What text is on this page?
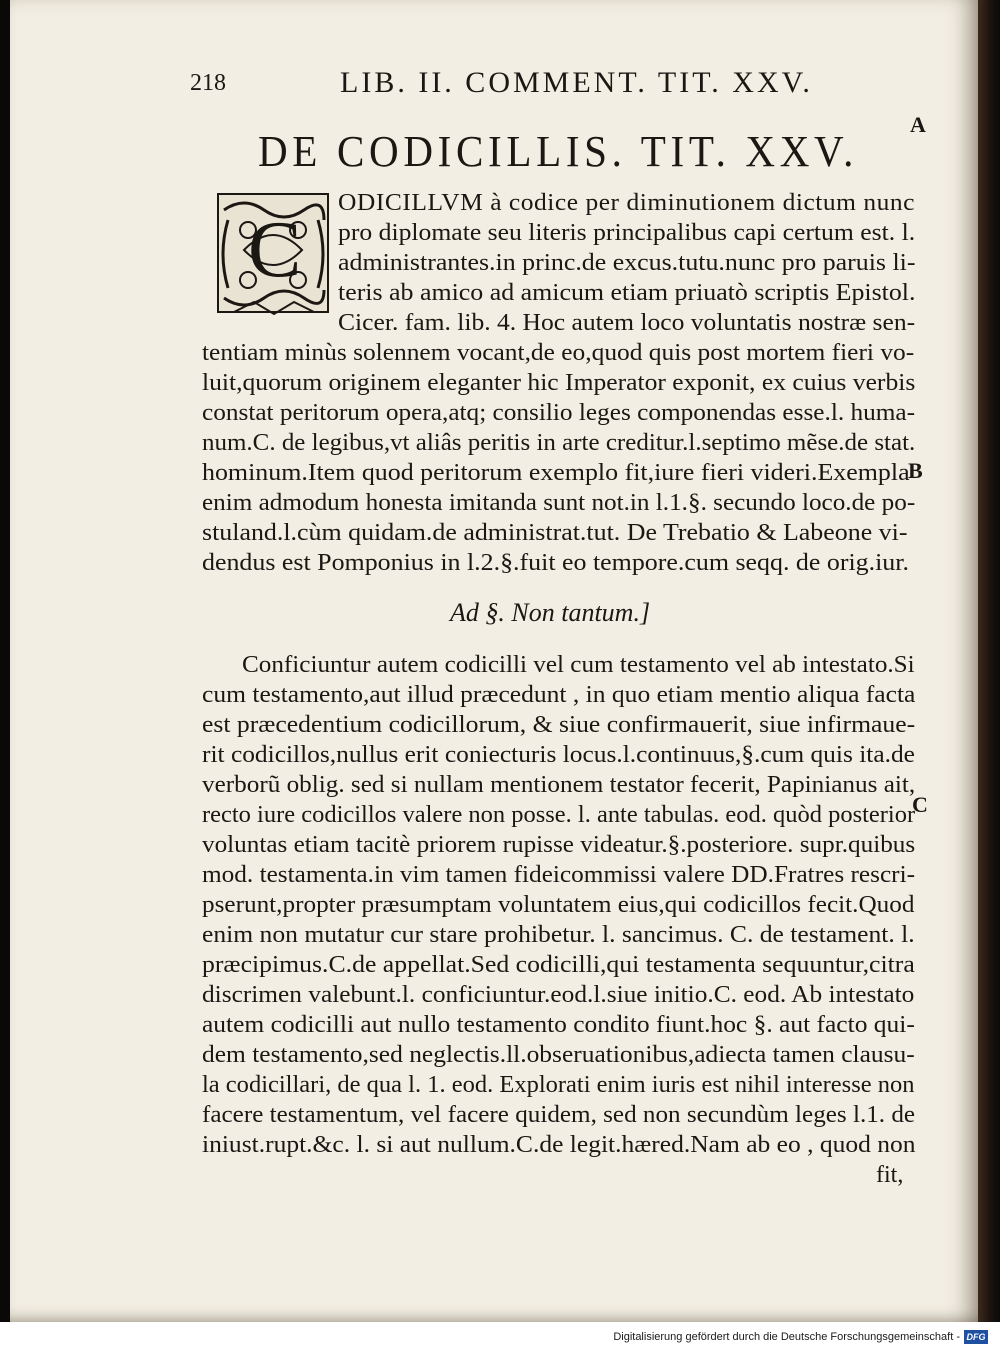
218	LIB. II. COMMENT. TIT. XXV.
DE CODICILLIS. TIT. XXV.
A
B
C
C
ODICILLVM à codice per diminutionem dictum nunc
pro diplomate seu literis principalibus capi certum est. l.
administrantes.in princ.de excus.tutu.nunc pro paruis li-
teris ab amico ad amicum etiam priuatò scriptis Epistol.
Cicer. fam. lib. 4. Hoc autem loco voluntatis nostræ sen-
tentiam minùs solennem vocant,de eo,quod quis post mortem fieri vo-
luit,quorum originem eleganter hic Imperator exponit, ex cuius verbis
constat peritorum opera,atq; consilio leges componendas esse.l. huma-
num.C. de legibus,vt aliâs peritis in arte creditur.l.septimo mẽse.de stat.
hominum.Item quod peritorum exemplo fit,iure fieri videri.Exempla
enim admodum honesta imitanda sunt not.in l.1.§. secundo loco.de po-
stuland.l.cùm quidam.de administrat.tut. De Trebatio & Labeone vi-
dendus est Pomponius in l.2.§.fuit eo tempore.cum seqq. de orig.iur.
Ad §. Non tantum.]
Conficiuntur autem codicilli vel cum testamento vel ab intestato.Si
cum testamento,aut illud præcedunt , in quo etiam mentio aliqua facta
est præcedentium codicillorum, & siue confirmauerit, siue infirmaue-
rit codicillos,nullus erit coniecturis locus.l.continuus,§.cum quis ita.de
verborũ oblig. sed si nullam mentionem testator fecerit, Papinianus ait,
recto iure codicillos valere non posse. l. ante tabulas. eod. quòd posterior
voluntas etiam tacitè priorem rupisse videatur.§.posteriore. supr.quibus
mod. testamenta.in vim tamen fideicommissi valere DD.Fratres rescri-
pserunt,propter præsumptam voluntatem eius,qui codicillos fecit.Quod
enim non mutatur cur stare prohibetur. l. sancimus. C. de testament. l.
præcipimus.C.de appellat.Sed codicilli,qui testamenta sequuntur,citra
discrimen valebunt.l. conficiuntur.eod.l.siue initio.C. eod. Ab intestato
autem codicilli aut nullo testamento condito fiunt.hoc §. aut facto qui-
dem testamento,sed neglectis.ll.obseruationibus,adiecta tamen clausu-
la codicillari, de qua l. 1. eod. Explorati enim iuris est nihil interesse non
facere testamentum, vel facere quidem, sed non secundùm leges l.1. de
iniust.rupt.&c. l. si aut nullum.C.de legit.hæred.Nam ab eo , quod non
fit,
Digitalisierung gefördert durch die Deutsche Forschungsgemeinschaft - DFG
